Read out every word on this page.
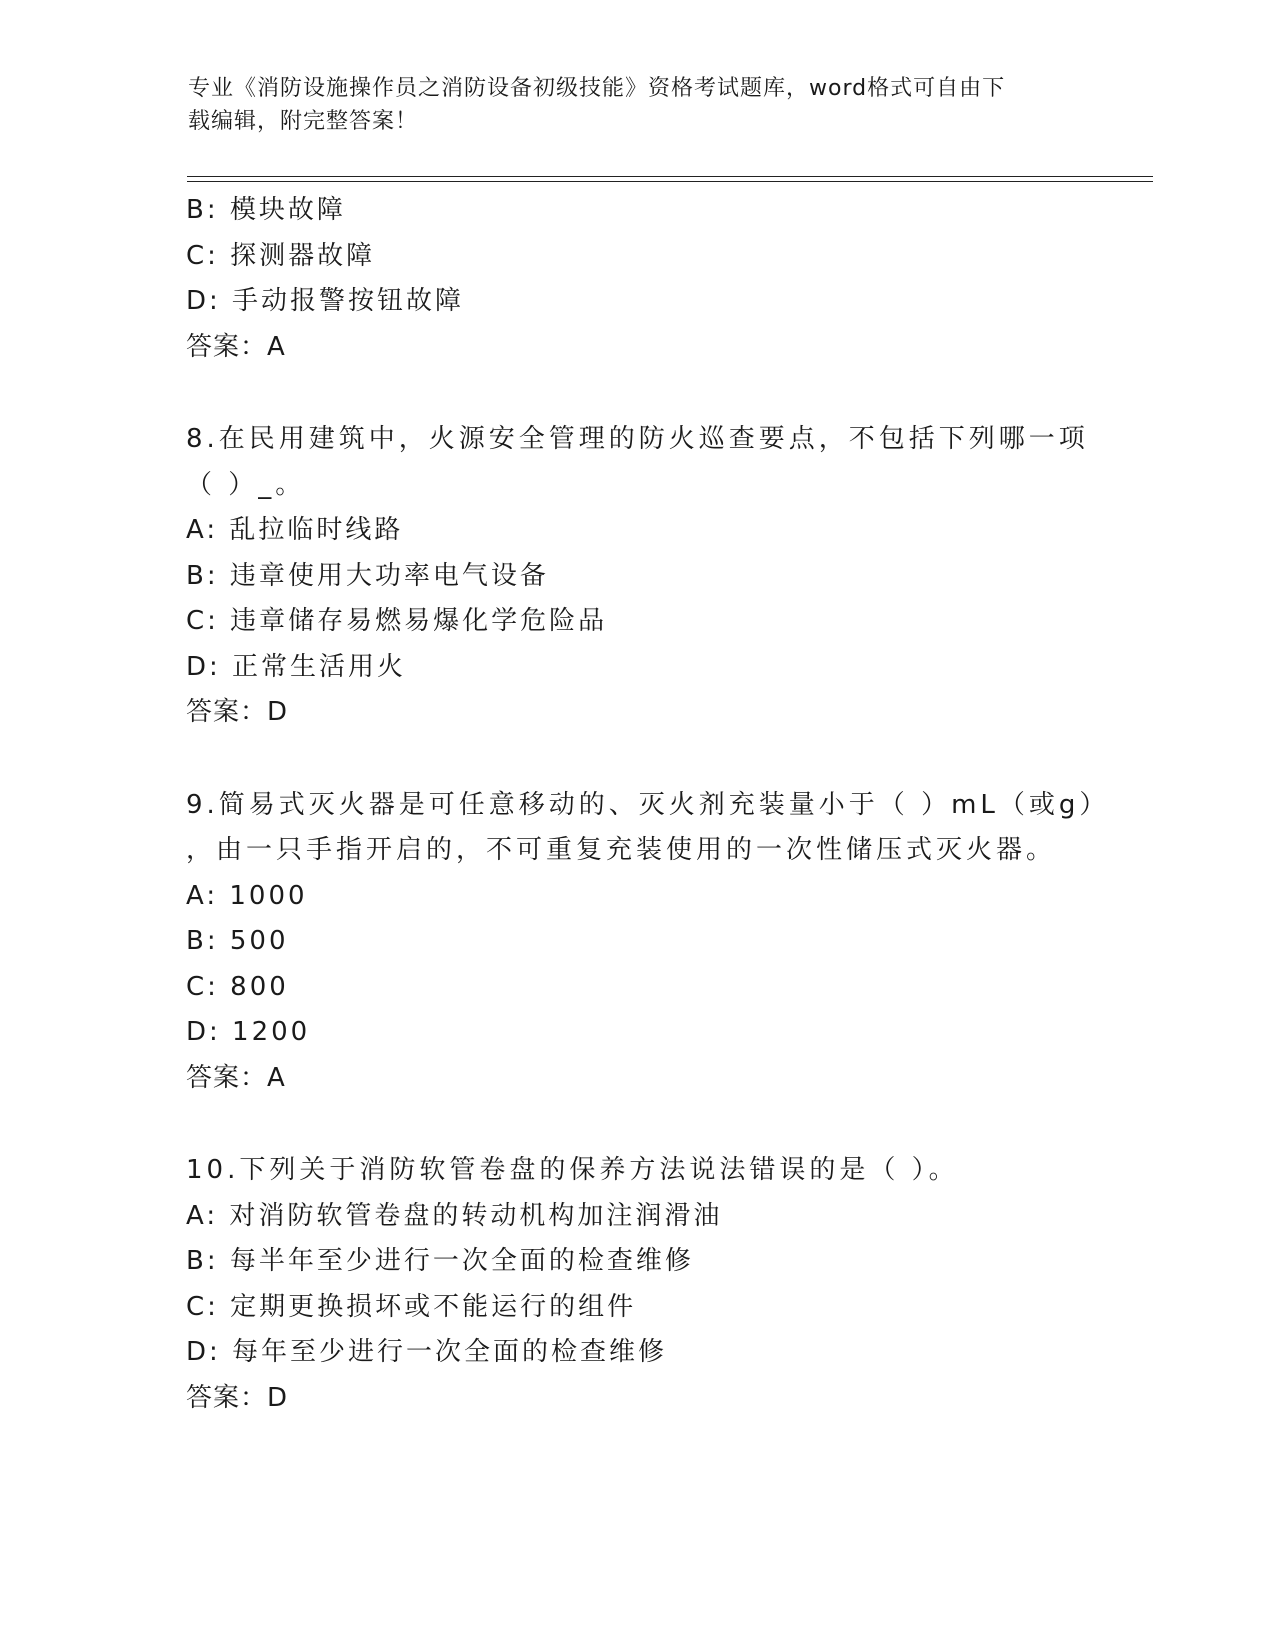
专业《消防设施操作员之消防设备初级技能》资格考试题库，word格式可自由下
载编辑，附完整答案！
B: 模块故障
C: 探测器故障
D: 手动报警按钮故障
答案：A
8.在民用建筑中，火源安全管理的防火巡查要点，不包括下列哪一项
（ ）_。
A: 乱拉临时线路
B: 违章使用大功率电气设备
C: 违章储存易燃易爆化学危险品
D: 正常生活用火
答案：D
9.简易式灭火器是可任意移动的、灭火剂充装量小于（ ）mL（或g）
，由一只手指开启的，不可重复充装使用的一次性储压式灭火器。
A: 1000
B: 500
C: 800
D: 1200
答案：A
10.下列关于消防软管卷盘的保养方法说法错误的是（ ）。
A: 对消防软管卷盘的转动机构加注润滑油
B: 每半年至少进行一次全面的检查维修
C: 定期更换损坏或不能运行的组件
D: 每年至少进行一次全面的检查维修
答案：D
